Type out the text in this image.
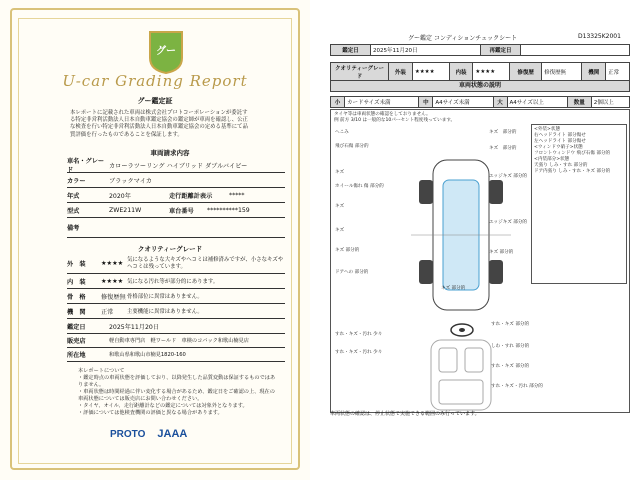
グー
U-car Grading Report
グー鑑定証
本レポートに記載された車両は株式会社プロトコーポレーションが委託する特定非営利活動法人日本自動車鑑定協会の鑑定師が車両を確認し、公正な検査を行い特定非営利活動法人日本自動車鑑定協会の定める基準にて品質評価を行ったものであることを保証します。
車両請求内容
車名・グレード
カローラツーリング ハイブリッド ダブルバイビー
カラー	ブラックマイカ
年式	2020年	走行距離計表示	*****
型式	ZWE211W	車台番号	**********159
備考
クオリティーグレード
外　装	★★★★
気になるような大キズやヘコミは補修済みですが、小さなキズやヘコミは残っています。
内　装	★★★★ 気になる汚れ等が部分的にあります。
骨　格	修復歴無 骨格部位に異常はありません。
機　関	正常	主要機能に異常はありません。
鑑定日	2025年11月20日
販売店	軽自動車専門店　軽ワールド　車検のコバック和歌山楠見店
所在地	和歌山県和歌山市楠見1820-160
本レポートについて
・鑑定時点の車両状態を評価しており、以降発生した品質変動は保証するものではありません。
・車両状態は時間経過に伴い変化する場合があるため、鑑定日をご確認の上、現在の車両状態については販売店にお問い合わせください。
・タイヤ、オイル、走行距離計などの鑑定については対象外となります。
・評価については他検査機関の評価と異なる場合があります。
PROTO JAAA
グー鑑定 コンディションチェックシート	D13325K2001
鑑定日	2025年11月20日	再鑑定日	
クオリティーグレード	外装	★★★★	内装	★★★★	修復歴	修復歴無	機関	正常
車両状態の説明
小	カードサイズ未満	中	A4サイズ未満	大	A4サイズ以上	数量	2個以上
タイヤ等は車両状態の確認をしておりません。
例 前方 3/10 は一般的な10パーセント程度残っています。
へこみ
飛び石傷 部分的
キズ
ホイール傷れ 傷 部分的
キズ
キズ
キズ 部分的
ドアへの 部分的
キズ　部分的
キズ　部分的
エッジキズ 部分的
エッジキズ 部分的
キズ 部分的
キズ 部分的
<外装>状態
右ヘッドライト 部分傷せ
左ヘッドライト 部分傷せ
<ウィンドウ硝子>状態
フロントウィンドウ 飛び石傷 部分的
<内装部分>状態
天張り しみ・すれ 部分的
ドア内張り しみ・すれ・キズ 部分的
すれ・キズ・汚れ 少々
すれ・キズ・汚れ 少々
すれ・キズ 部分的
しわ・すれ 部分的
すれ・キズ 部分的
すれ・キズ・汚れ 部分的
車両状態の確認は、停止状態で実施できる範囲のみ行っています。
